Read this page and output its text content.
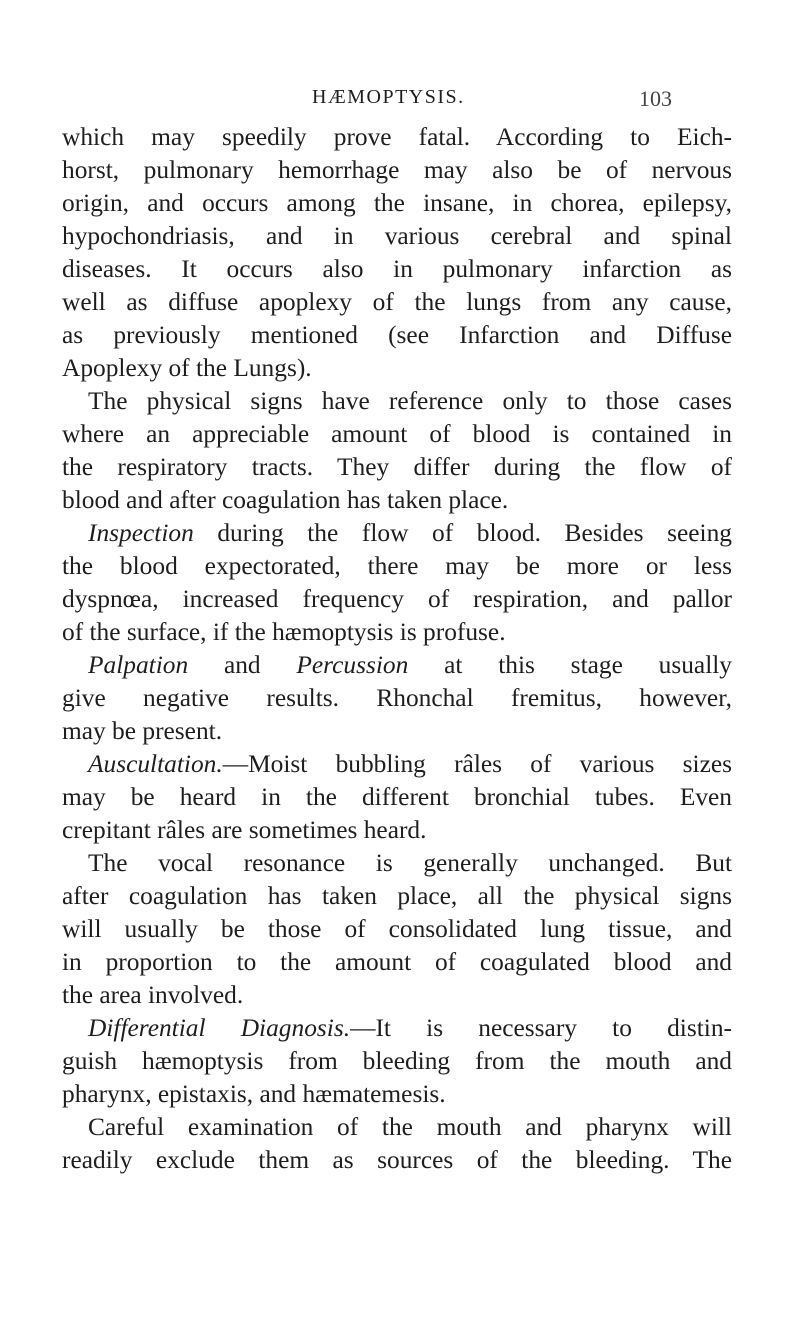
HÆMOPTYSIS.	103
which may speedily prove fatal. According to Eich-
horst, pulmonary hemorrhage may also be of nervous
origin, and occurs among the insane, in chorea, epilepsy,
hypochondriasis, and in various cerebral and spinal
diseases. It occurs also in pulmonary infarction as
well as diffuse apoplexy of the lungs from any cause,
as previously mentioned (see Infarction and Diffuse
Apoplexy of the Lungs).
The physical signs have reference only to those cases
where an appreciable amount of blood is contained in
the respiratory tracts. They differ during the flow of
blood and after coagulation has taken place.
Inspection during the flow of blood. Besides seeing
the blood expectorated, there may be more or less
dyspnœa, increased frequency of respiration, and pallor
of the surface, if the hæmoptysis is profuse.
Palpation and Percussion at this stage usually
give negative results. Rhonchal fremitus, however,
may be present.
Auscultation.—Moist bubbling râles of various sizes
may be heard in the different bronchial tubes. Even
crepitant râles are sometimes heard.
The vocal resonance is generally unchanged. But
after coagulation has taken place, all the physical signs
will usually be those of consolidated lung tissue, and
in proportion to the amount of coagulated blood and
the area involved.
Differential Diagnosis.—It is necessary to distin-
guish hæmoptysis from bleeding from the mouth and
pharynx, epistaxis, and hæmatemesis.
Careful examination of the mouth and pharynx will
readily exclude them as sources of the bleeding. The
